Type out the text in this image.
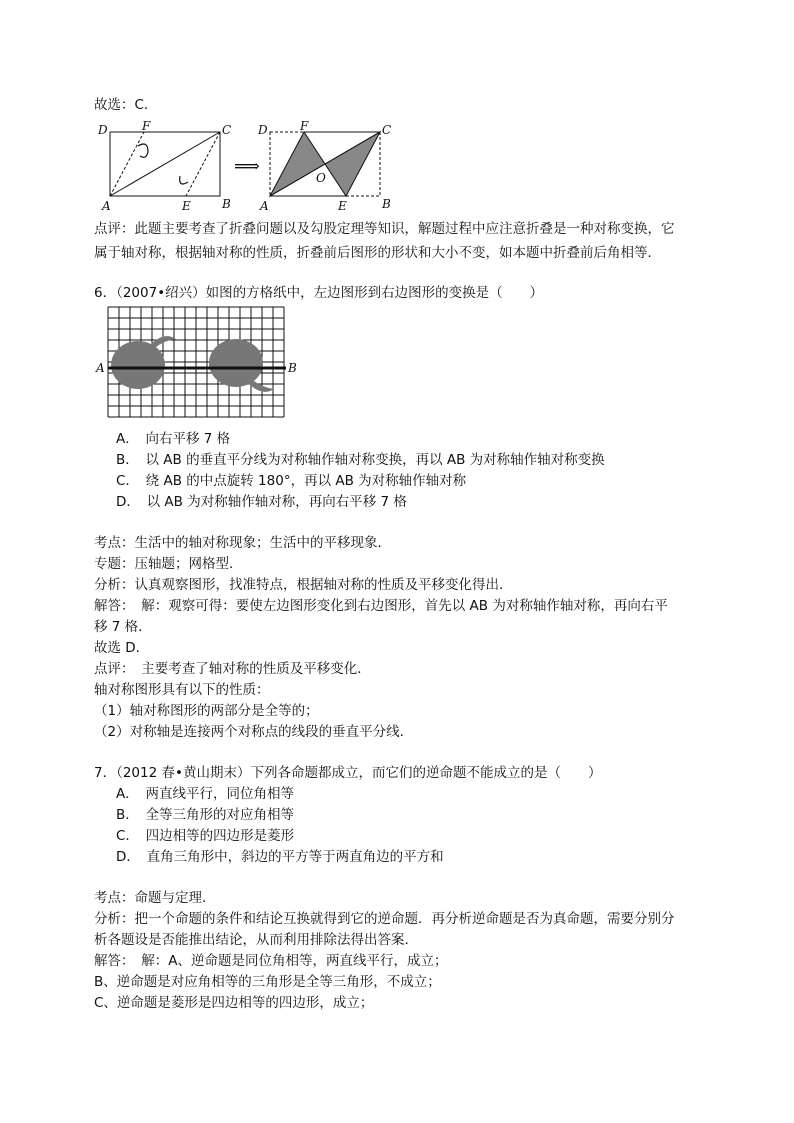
故选：C．
D	F	C
A	E	B
⟹
D	F	C
O
A	E	B
点评：此题主要考查了折叠问题以及勾股定理等知识，解题过程中应注意折叠是一种对称变换，它
属于轴对称，根据轴对称的性质，折叠前后图形的形状和大小不变，如本题中折叠前后角相等．
6．（2007•绍兴）如图的方格纸中，左边图形到右边图形的变换是（　　）
A	B
A．　向右平移 7 格
B．　以 AB 的垂直平分线为对称轴作轴对称变换，再以 AB 为对称轴作轴对称变换
C．　绕 AB 的中点旋转 180°，再以 AB 为对称轴作轴对称
D．　以 AB 为对称轴作轴对称，再向右平移 7 格
考点：生活中的轴对称现象；生活中的平移现象．
专题：压轴题；网格型．
分析：认真观察图形，找准特点，根据轴对称的性质及平移变化得出．
解答：　解：观察可得：要使左边图形变化到右边图形，首先以 AB 为对称轴作轴对称，再向右平
移 7 格．
故选 D．
点评：　主要考查了轴对称的性质及平移变化．
轴对称图形具有以下的性质：
（1）轴对称图形的两部分是全等的；
（2）对称轴是连接两个对称点的线段的垂直平分线．
7．（2012 春•黄山期末）下列各命题都成立，而它们的逆命题不能成立的是（　　）
A．　两直线平行，同位角相等
B．　全等三角形的对应角相等
C．　四边相等的四边形是菱形
D．　直角三角形中，斜边的平方等于两直角边的平方和
考点：命题与定理．
分析：把一个命题的条件和结论互换就得到它的逆命题．再分析逆命题是否为真命题，需要分别分
析各题设是否能推出结论，从而利用排除法得出答案．
解答：　解：A、逆命题是同位角相等，两直线平行，成立；
B、逆命题是对应角相等的三角形是全等三角形，不成立；
C、逆命题是菱形是四边相等的四边形，成立；
